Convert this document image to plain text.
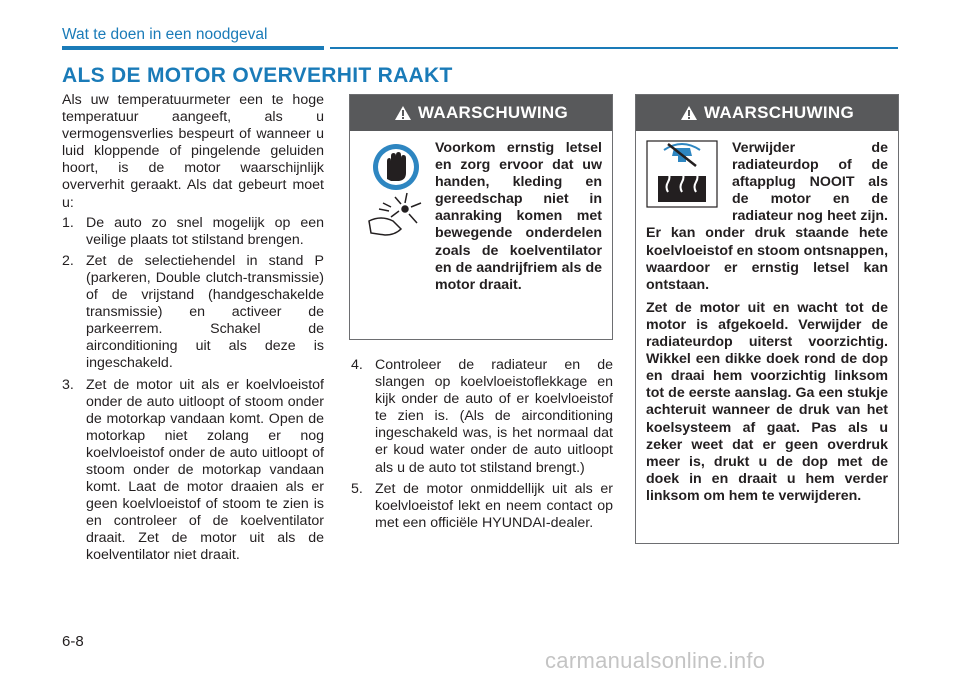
Wat te doen in een noodgeval
ALS DE MOTOR OVERVERHIT RAAKT

Als uw temperatuurmeter een te hoge temperatuur aangeeft, als u vermogensverlies bespeurt of wanneer u luid kloppende of pingelende geluiden hoort, is de motor waarschijnlijk oververhit geraakt. Als dat gebeurt moet u:

1. De auto zo snel mogelijk op een veilige plaats tot stilstand brengen.
2. Zet de selectiehendel in stand P (parkeren, Double clutch-transmissie) of de vrijstand (handgeschakelde transmissie) en activeer de parkeerrem. Schakel de airconditioning uit als deze is ingeschakeld.
3. Zet de motor uit als er koelvloeistof onder de auto uitloopt of stoom onder de motorkap vandaan komt. Open de motorkap niet zolang er nog koelvloeistof onder de auto uitloopt of stoom onder de motorkap vandaan komt. Laat de motor draaien als er geen koelvloeistof of stoom te zien is en controleer of de koelventilator draait. Zet de motor uit als de koelventilator niet draait.
WAARSCHUWING
Voorkom ernstig letsel en zorg ervoor dat uw handen, kleding en gereedschap niet in aanraking komen met bewegende onderdelen zoals de koelventilator en de aandrijfriem als de motor draait.
4. Controleer de radiateur en de slangen op koelvloeistoflekkage en kijk onder de auto of er koelvloeistof te zien is. (Als de airconditioning ingeschakeld was, is het normaal dat er koud water onder de auto uitloopt als u de auto tot stilstand brengt.)
5. Zet de motor onmiddellijk uit als er koelvloeistof lekt en neem contact op met een officiële HYUNDAI-dealer.
WAARSCHUWING

Verwijder de radiateurdop of de aftapplug NOOIT als de motor en de radiateur nog heet zijn. Er kan onder druk staande hete koelvloeistof en stoom ontsnappen, waardoor er ernstig letsel kan ontstaan.

Zet de motor uit en wacht tot de motor is afgekoeld. Verwijder de radiateurdop uiterst voorzichtig. Wikkel een dikke doek rond de dop en draai hem voorzichtig linksom tot de eerste aanslag. Ga een stukje achteruit wanneer de druk van het koelsysteem af gaat. Pas als u zeker weet dat er geen overdruk meer is, drukt u de dop met de doek in en draait u hem verder linksom om hem te verwijderen.

6-8
carmanualsonline.info
